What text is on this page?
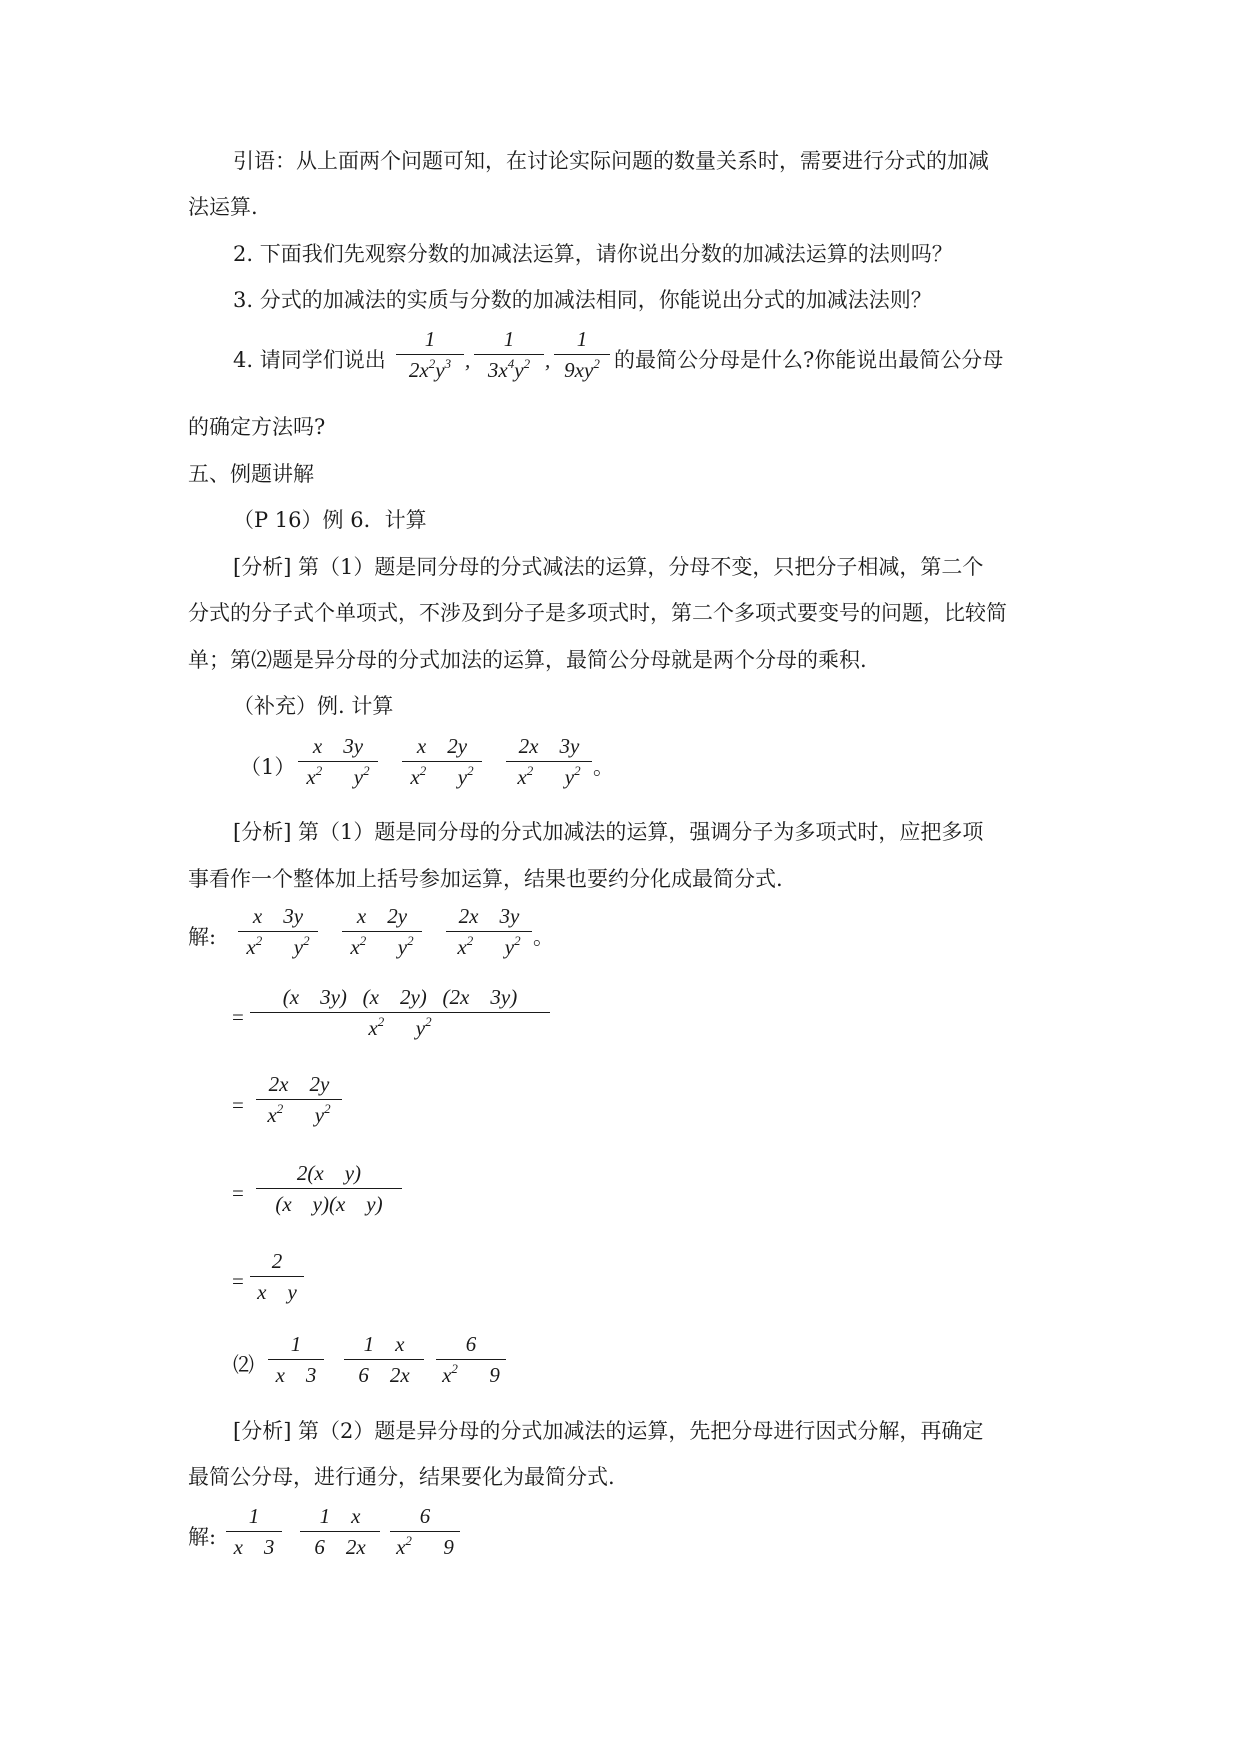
引语：从上面两个问题可知，在讨论实际问题的数量关系时，需要进行分式的加减
法运算.
2. 下面我们先观察分数的加减法运算，请你说出分数的加减法运算的法则吗？
3. 分式的加减法的实质与分数的加减法相同，你能说出分式的加减法法则？
4. 请同学们说出
1
$2x^2y^3$ ,
1
$3x^4y^2$ ,
1
$9xy^2$ 的最简公分母是什么?你能说出最简公分母
的确定方法吗?
五、例题讲解
（P 16）例 6．计算
[分析] 第（1）题是同分母的分式减法的运算，分母不变，只把分子相减，第二个
分式的分子式个单项式，不涉及到分子是多项式时，第二个多项式要变号的问题，比较简
单；第⑵题是异分母的分式加法的运算，最简公分母就是两个分母的乘积.
（补充）例. 计算
（1）
x    3y
$x^2$ $y^2$
x    2y
$x^2$ $y^2$
2x    3y
$x^2$ $y^2$ 。
[分析] 第（1）题是同分母的分式加减法的运算，强调分子为多项式时，应把多项
事看作一个整体加上括号参加运算，结果也要约分化成最简分式.
解:
x    3y
$x^2$ $y^2$
x    2y
$x^2$ $y^2$
2x    3y
$x^2$ $y^2$ 。
=
(x    3y)   (x    2y)   (2x    3y)
$x^2$ $y^2$
=
2x    2y
$x^2$ $y^2$
=
2(x    y)
(x    y)(x    y)
=
2
x    y
⑵
1
x    3
1    x
6    2x
6
$x^2$ 9
[分析] 第（2）题是异分母的分式加减法的运算，先把分母进行因式分解，再确定
最简公分母，进行通分，结果要化为最简分式.
解:
1
x    3
1    x
6    2x
6
$x^2$ 9
